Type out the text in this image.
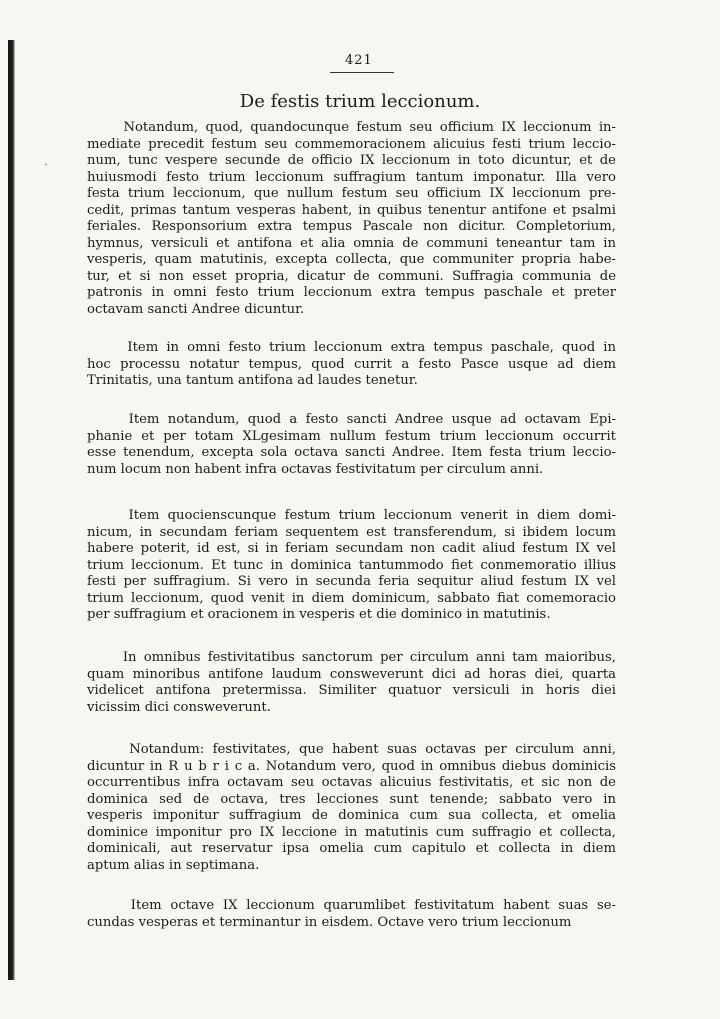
421
De festis trium leccionum.
ˏ
Notandum, quod, quandocunque festum seu officium IX leccionum in-
mediate precedit festum seu commemoracionem alicuius festi trium leccio-
num, tunc vespere secunde de officio IX leccionum in toto dicuntur, et de
huiusmodi festo trium leccionum suffragium tantum imponatur. Illa vero
festa trium leccionum, que nullum festum seu officium IX leccionum pre-
cedit, primas tantum vesperas habent, in quibus tenentur antifone et psalmi
feriales. Responsorium extra tempus Pascale non dicitur. Completorium,
hymnus, versiculi et antifona et alia omnia de communi teneantur tam in
vesperis, quam matutinis, excepta collecta, que communiter propria habe-
tur, et si non esset propria, dicatur de communi. Suffragia communia de
patronis in omni festo trium leccionum extra tempus paschale et preter
octavam sancti Andree dicuntur.
Item in omni festo trium leccionum extra tempus paschale, quod in
hoc processu notatur tempus, quod currit a festo Pasce usque ad diem
Trinitatis, una tantum antifona ad laudes tenetur.
Item notandum, quod a festo sancti Andree usque ad octavam Epi-
phanie et per totam XLgesimam nullum festum trium leccionum occurrit
esse tenendum, excepta sola octava sancti Andree. Item festa trium leccio-
num locum non habent infra octavas festivitatum per circulum anni.
Item quocienscunque festum trium leccionum venerit in diem domi-
nicum, in secundam feriam sequentem est transferendum, si ibidem locum
habere poterit, id est, si in feriam secundam non cadit aliud festum IX vel
trium leccionum. Et tunc in dominica tantummodo fiet conmemoratio illius
festi per suffragium. Si vero in secunda feria sequitur aliud festum IX vel
trium leccionum, quod venit in diem dominicum, sabbato fiat comemoracio
per suffragium et oracionem in vesperis et die dominico in matutinis.
In omnibus festivitatibus sanctorum per circulum anni tam maioribus,
quam minoribus antifone laudum consweverunt dici ad horas diei, quarta
videlicet antifona pretermissa. Similiter quatuor versiculi in horis diei
vicissim dici consweverunt.
Notandum: festivitates, que habent suas octavas per circulum anni,
dicuntur in R u b r i c a. Notandum vero, quod in omnibus diebus dominicis
occurrentibus infra octavam seu octavas alicuius festivitatis, et sic non de
dominica sed de octava, tres lecciones sunt tenende; sabbato vero in
vesperis imponitur suffragium de dominica cum sua collecta, et omelia
dominice imponitur pro IX leccione in matutinis cum suffragio et collecta,
dominicali, aut reservatur ipsa omelia cum capitulo et collecta in diem
aptum alias in septimana.
Item octave IX leccionum quarumlibet festivitatum habent suas se-
cundas vesperas et terminantur in eisdem. Octave vero trium leccionum
